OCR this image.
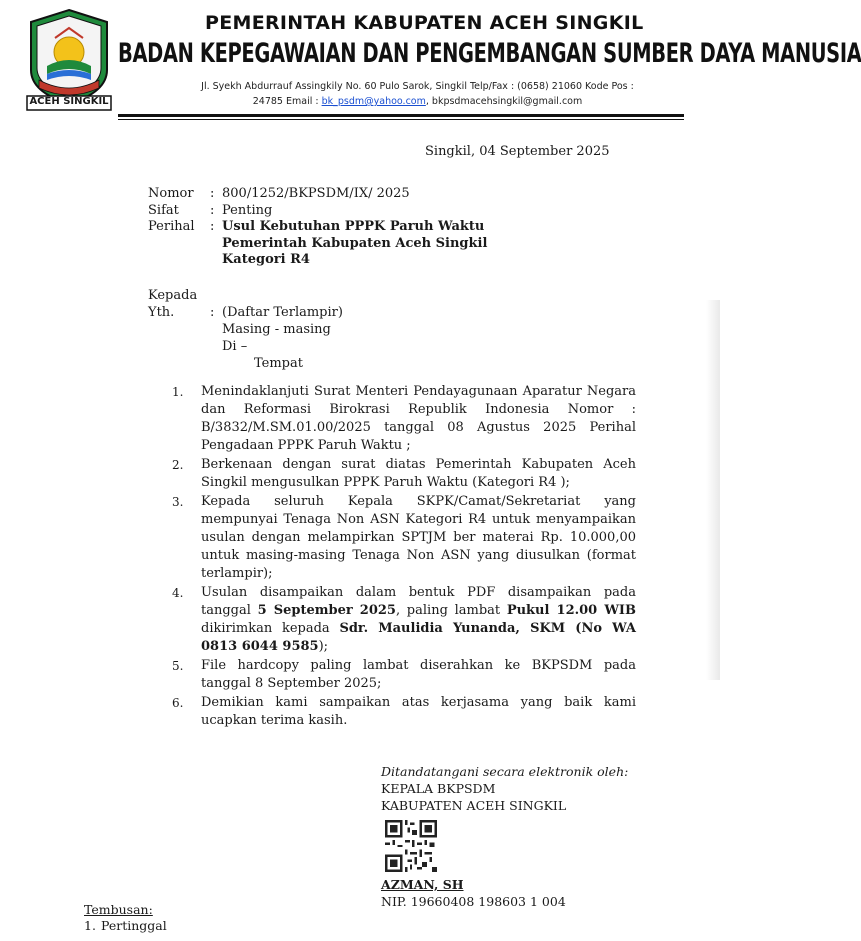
ACEH SINGKIL
PEMERINTAH KABUPATEN ACEH SINGKIL
BADAN KEPEGAWAIAN DAN PENGEMBANGAN SUMBER DAYA MANUSIA
Jl. Syekh Abdurrauf Assingkily No. 60 Pulo Sarok, Singkil Telp/Fax : (0658) 21060 Kode Pos :
24785 Email : bk_psdm@yahoo.com, bkpsdmacehsingkil@gmail.com
Singkil, 04 September 2025
Nomor	: 800/1252/BKPSDM/IX/ 2025
Sifat	: Penting
Perihal	: Usul Kebutuhan PPPK Paruh Waktu
Pemerintah Kabupaten Aceh Singkil
Kategori R4
Kepada
Yth.	: (Daftar Terlampir)
Masing - masing
Di –
Tempat
1.	Menindaklanjuti Surat Menteri Pendayagunaan Aparatur Negara dan Reformasi Birokrasi Republik Indonesia Nomor : B/3832/M.SM.01.00/2025 tanggal 08 Agustus 2025 Perihal Pengadaan PPPK Paruh Waktu ;
2.	Berkenaan dengan surat diatas Pemerintah Kabupaten Aceh Singkil mengusulkan PPPK Paruh Waktu (Kategori R4 );
3.	Kepada seluruh Kepala SKPK/Camat/Sekretariat yang mempunyai Tenaga Non ASN Kategori R4 untuk menyampaikan usulan dengan melampirkan SPTJM ber materai Rp. 10.000,00 untuk masing-masing Tenaga Non ASN yang diusulkan (format terlampir);
4.	Usulan disampaikan dalam bentuk PDF disampaikan pada tanggal 5 September 2025, paling lambat Pukul 12.00 WIB dikirimkan kepada Sdr. Maulidia Yunanda, SKM (No WA 0813 6044 9585);
5.	File hardcopy paling lambat diserahkan ke BKPSDM pada tanggal 8 September 2025;
6.	Demikian kami sampaikan atas kerjasama yang baik kami ucapkan terima kasih.
Ditandatangani secara elektronik oleh:
KEPALA BKPSDM
KABUPATEN ACEH SINGKIL
AZMAN, SH
NIP. 19660408 198603 1 004
Tembusan:
1. Pertinggal
